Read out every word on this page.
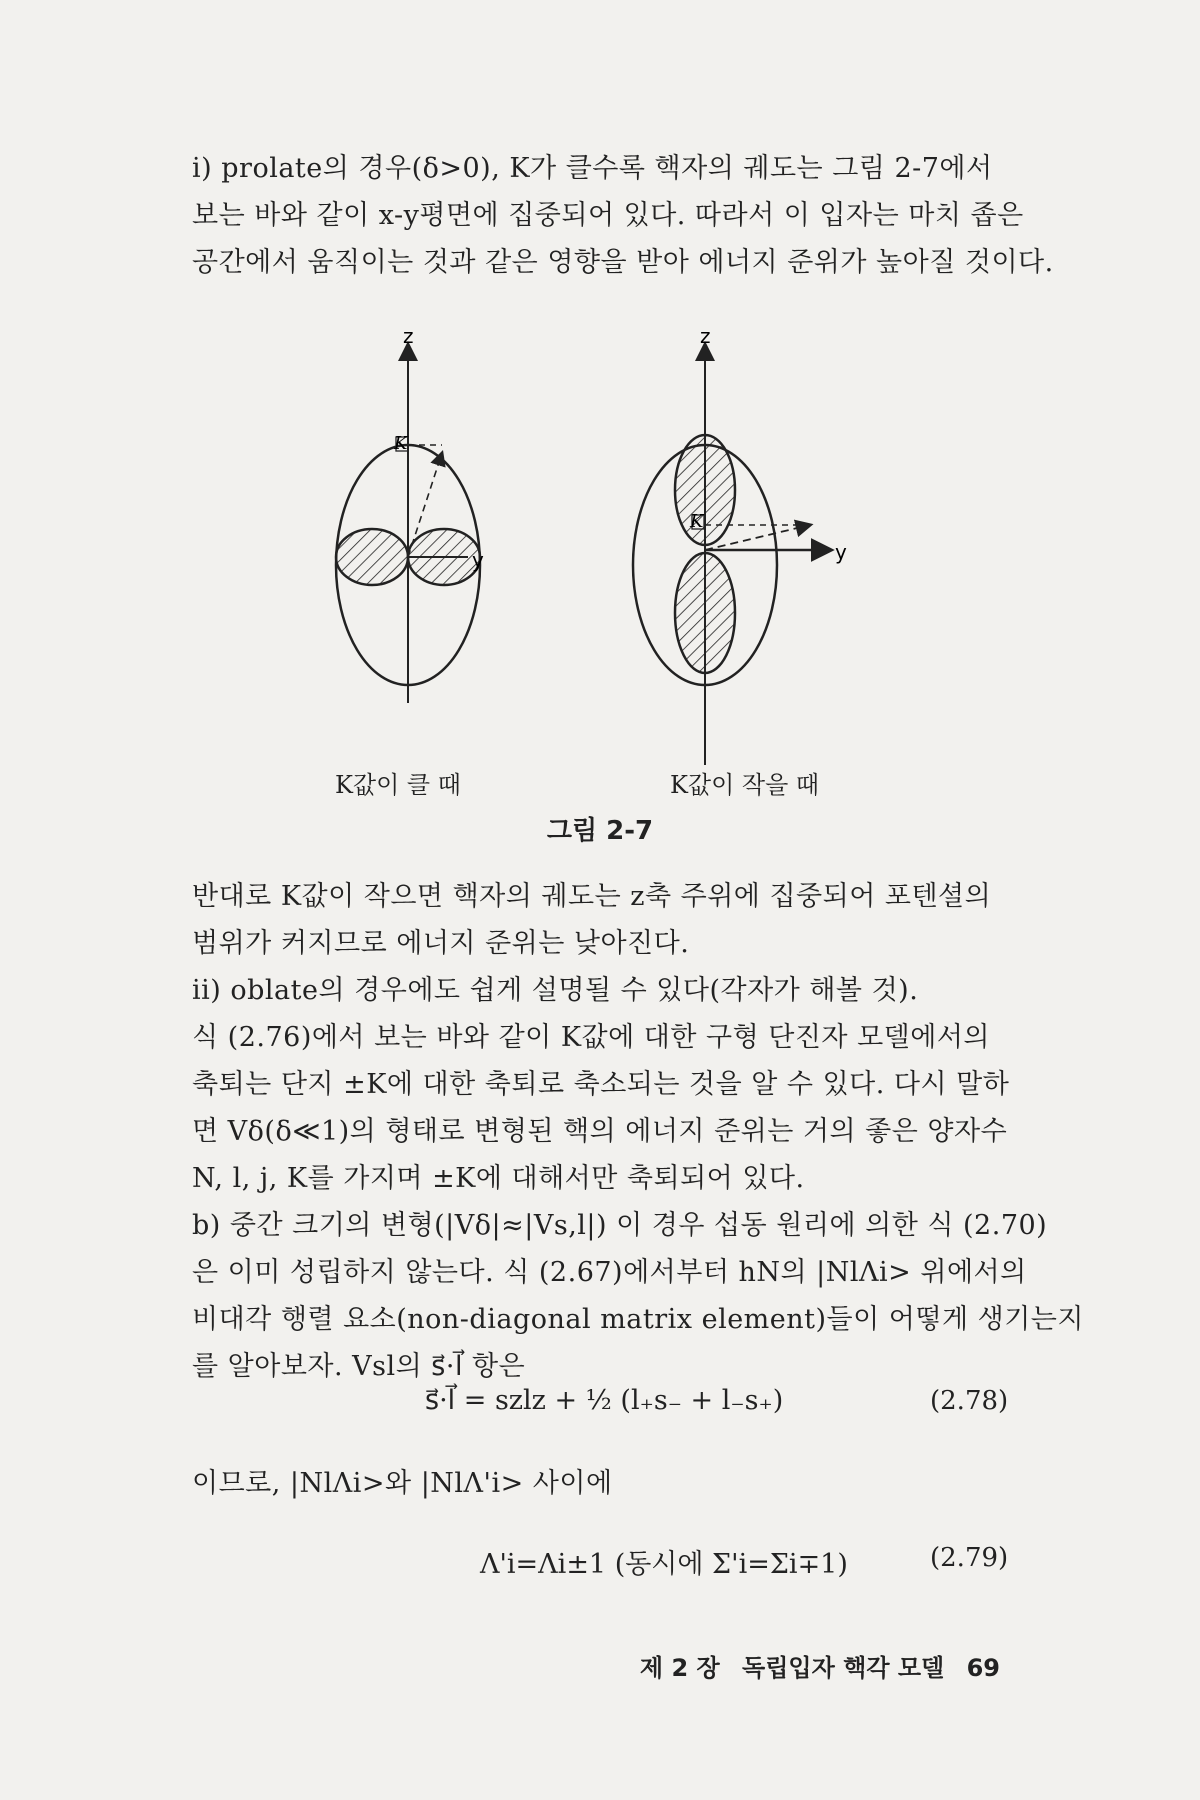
i) prolate의 경우(δ>0), K가 클수록 핵자의 궤도는 그림 2-7에서
보는 바와 같이 x-y평면에 집중되어 있다. 따라서 이 입자는 마치 좁은
공간에서 움직이는 것과 같은 영향을 받아 에너지 준위가 높아질 것이다.
z
y
K
z
y
K
K값이 클 때	K값이 작을 때
그림 2-7
반대로 K값이 작으면 핵자의 궤도는 z축 주위에 집중되어 포텐셜의
범위가 커지므로 에너지 준위는 낮아진다.
ii) oblate의 경우에도 쉽게 설명될 수 있다(각자가 해볼 것).
식 (2.76)에서 보는 바와 같이 K값에 대한 구형 단진자 모델에서의
축퇴는 단지 ±K에 대한 축퇴로 축소되는 것을 알 수 있다. 다시 말하
면 Vδ(δ≪1)의 형태로 변형된 핵의 에너지 준위는 거의 좋은 양자수
N, l, j, K를 가지며 ±K에 대해서만 축퇴되어 있다.
b) 중간 크기의 변형(|Vδ|≈|Vs,l|) 이 경우 섭동 원리에 의한 식 (2.70)
은 이미 성립하지 않는다. 식 (2.67)에서부터 hN의 |NlΛi> 위에서의
비대각 행렬 요소(non-diagonal matrix element)들이 어떻게 생기는지
를 알아보자. Vsl의 s⃗·l⃗ 항은
s⃗·l⃗ = szlz + ½ (l₊s₋ + l₋s₊)	(2.78)
이므로, |NlΛi>와 |NlΛ'i> 사이에
Λ'i=Λi±1 (동시에 Σ'i=Σi∓1)	(2.79)
제 2 장 독립입자 핵각 모델 69
